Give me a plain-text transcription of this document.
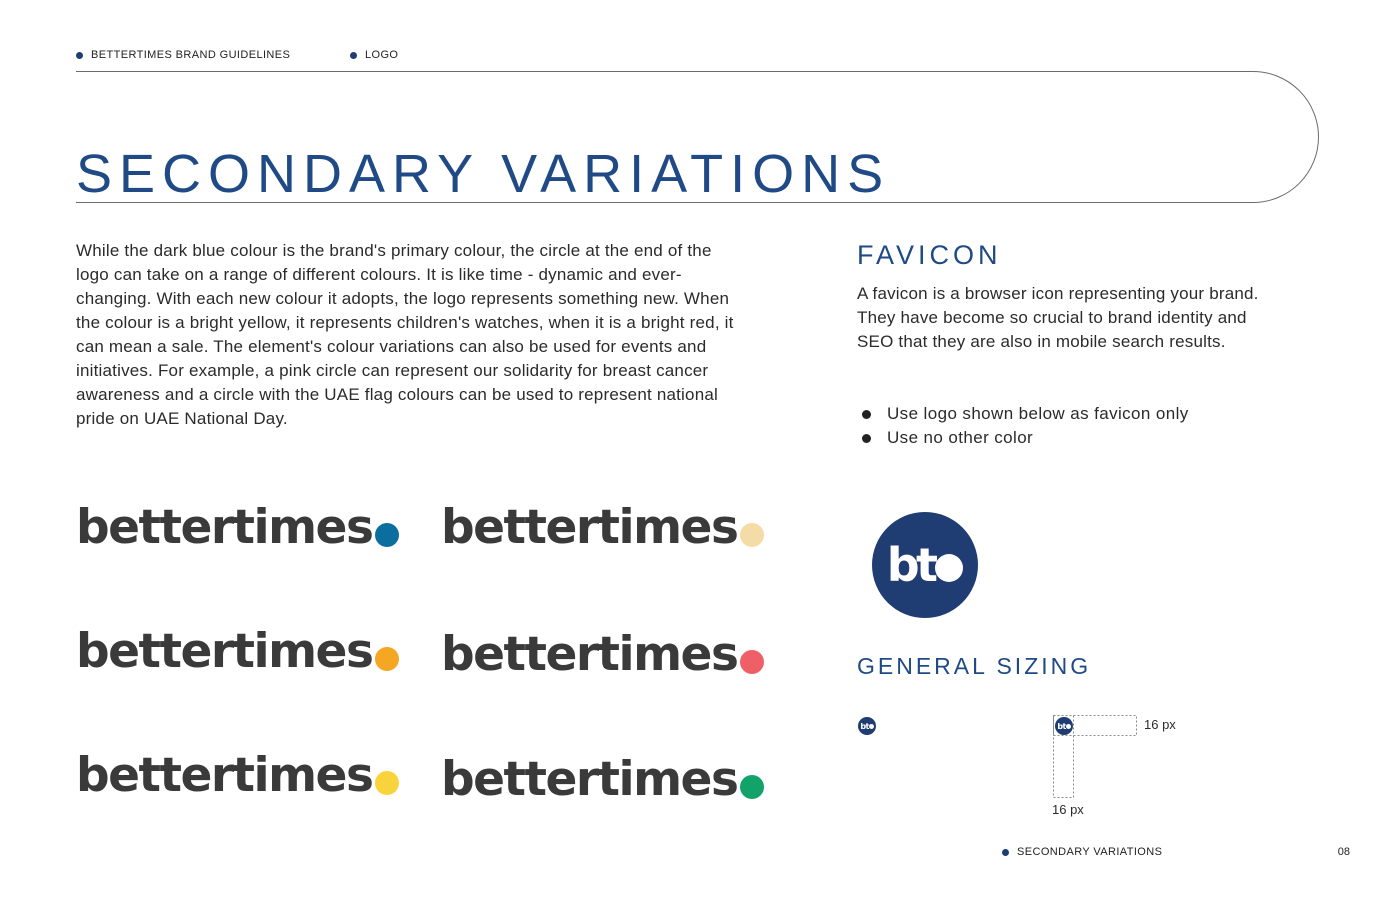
BETTERTIMES BRAND GUIDELINES	LOGO
SECONDARY VARIATIONS
While the dark blue colour is the brand's primary colour, the circle at the end of the logo can take on a range of different colours. It is like time - dynamic and ever-changing. With each new colour it adopts, the logo represents something new. When the colour is a bright yellow, it represents children's watches, when it is a bright red, it can mean a sale. The element's colour variations can also be used for events and initiatives. For example, a pink circle can represent our solidarity for breast cancer awareness and a circle with the UAE flag colours can be used to represent national pride on UAE National Day.
bettertimes bettertimes
bettertimes bettertimes
bettertimes bettertimes
FAVICON
A favicon is a browser icon representing your brand. They have become so crucial to brand identity and SEO that they are also in mobile search results.
Use logo shown below as favicon only
Use no other color
bt
GENERAL SIZING
bt	bt	16 px
16 px
SECONDARY VARIATIONS	08
